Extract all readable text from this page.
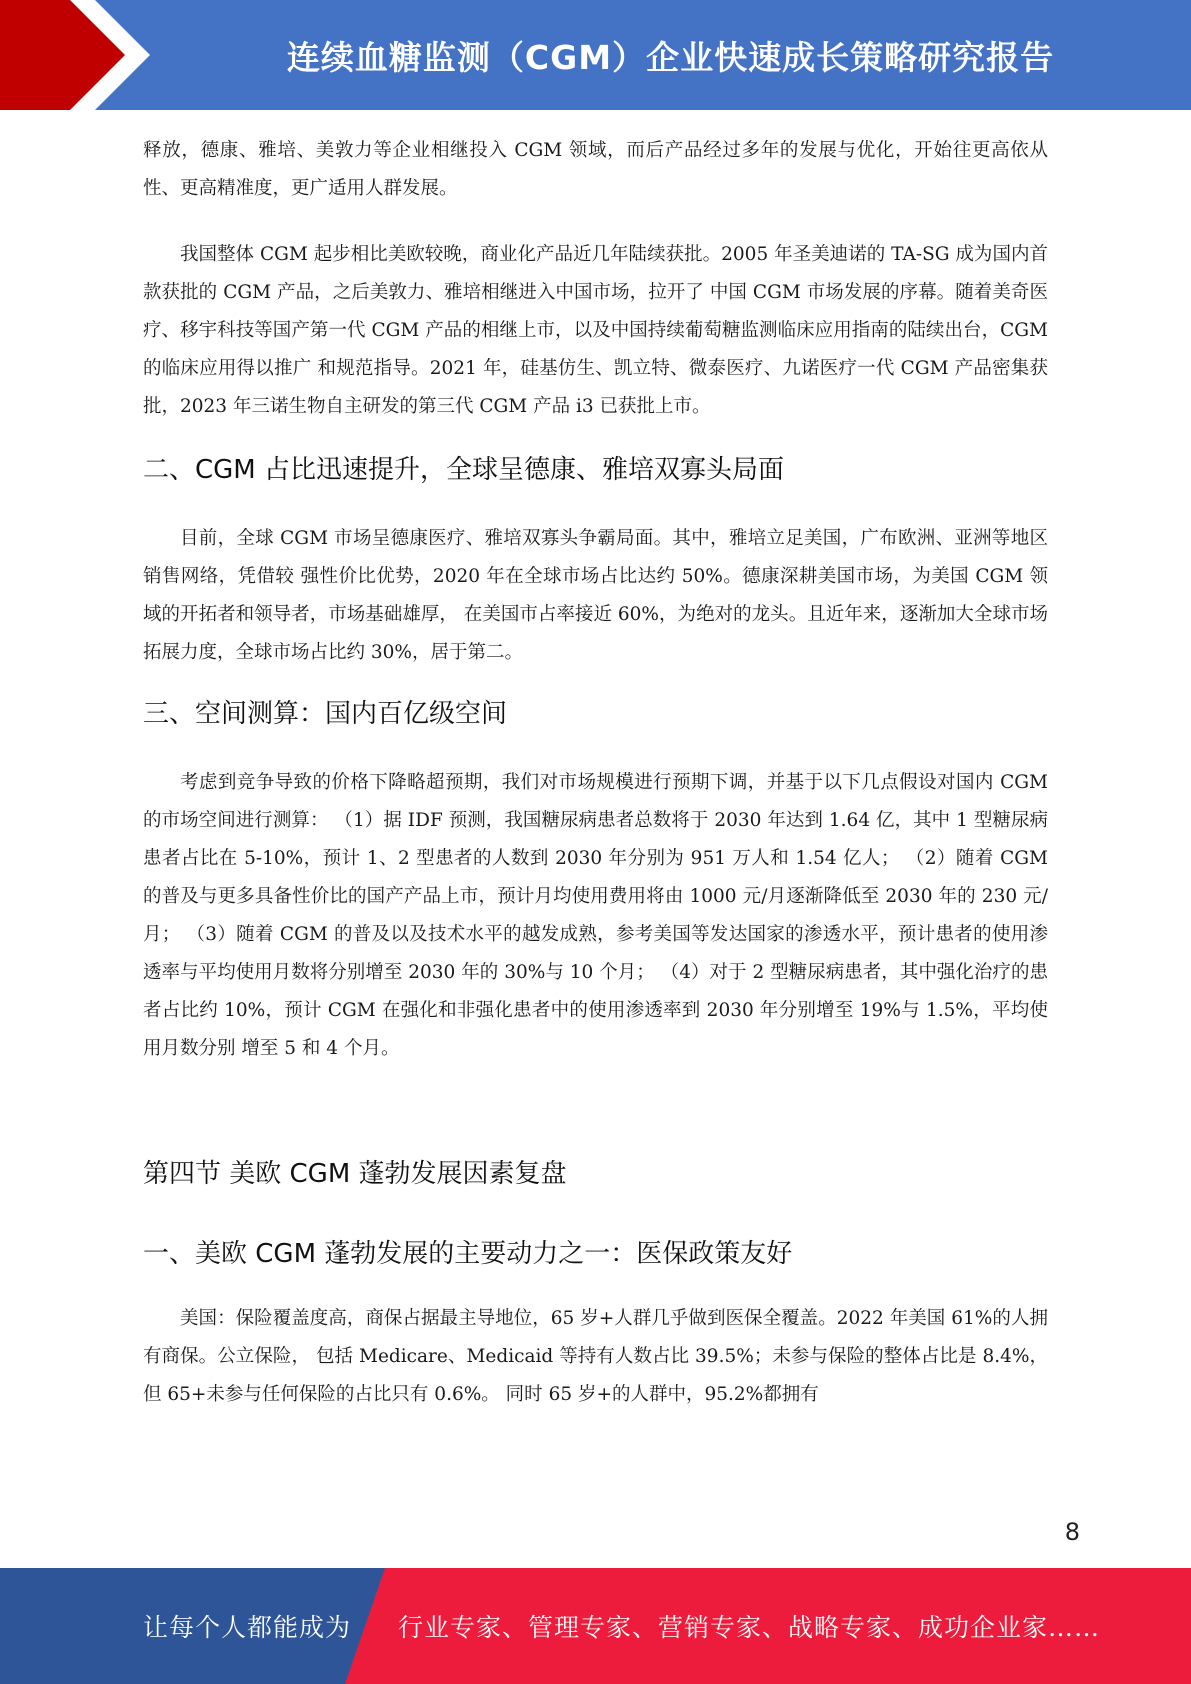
连续血糖监测（CGM）企业快速成长策略研究报告

释放，德康、雅培、美敦力等企业相继投入 CGM 领域，而后产品经过多年的发展与优化，开始往更高依从性、更高精准度，更广适用人群发展。

我国整体 CGM 起步相比美欧较晚，商业化产品近几年陆续获批。2005 年圣美迪诺的 TA-SG 成为国内首款获批的 CGM 产品，之后美敦力、雅培相继进入中国市场，拉开了 中国 CGM 市场发展的序幕。随着美奇医疗、移宇科技等国产第一代 CGM 产品的相继上市，以及中国持续葡萄糖监测临床应用指南的陆续出台，CGM 的临床应用得以推广 和规范指导。2021 年，硅基仿生、凯立特、微泰医疗、九诺医疗一代 CGM 产品密集获批，2023 年三诺生物自主研发的第三代 CGM 产品 i3 已获批上市。

二、CGM 占比迅速提升，全球呈德康、雅培双寡头局面

目前，全球 CGM 市场呈德康医疗、雅培双寡头争霸局面。其中，雅培立足美国，广布欧洲、亚洲等地区销售网络，凭借较 强性价比优势，2020 年在全球市场占比达约 50%。德康深耕美国市场，为美国 CGM 领域的开拓者和领导者，市场基础雄厚， 在美国市占率接近 60%，为绝对的龙头。且近年来，逐渐加大全球市场拓展力度，全球市场占比约 30%，居于第二。

三、空间测算：国内百亿级空间

考虑到竞争导致的价格下降略超预期，我们对市场规模进行预期下调，并基于以下几点假设对国内 CGM 的市场空间进行测算： （1）据 IDF 预测，我国糖尿病患者总数将于 2030 年达到 1.64 亿，其中 1 型糖尿病患者占比在 5-10%，预计 1、2 型患者的人数到 2030 年分别为 951 万人和 1.54 亿人； （2）随着 CGM 的普及与更多具备性价比的国产产品上市，预计月均使用费用将由 1000 元/月逐渐降低至 2030 年的 230 元/月； （3）随着 CGM 的普及以及技术水平的越发成熟，参考美国等发达国家的渗透水平，预计患者的使用渗透率与平均使用月数将分别增至 2030 年的 30%与 10 个月； （4）对于 2 型糖尿病患者，其中强化治疗的患者占比约 10%，预计 CGM 在强化和非强化患者中的使用渗透率到 2030 年分别增至 19%与 1.5%，平均使用月数分别 增至 5 和 4 个月。

第四节 美欧 CGM 蓬勃发展因素复盘
一、美欧 CGM 蓬勃发展的主要动力之一：医保政策友好

美国：保险覆盖度高，商保占据最主导地位，65 岁+人群几乎做到医保全覆盖。2022 年美国 61%的人拥有商保。公立保险， 包括 Medicare、Medicaid 等持有人数占比 39.5%；未参与保险的整体占比是 8.4%，但 65+未参与任何保险的占比只有 0.6%。 同时 65 岁+的人群中，95.2%都拥有

8
让每个人都能成为 行业专家、管理专家、营销专家、战略专家、成功企业家……
